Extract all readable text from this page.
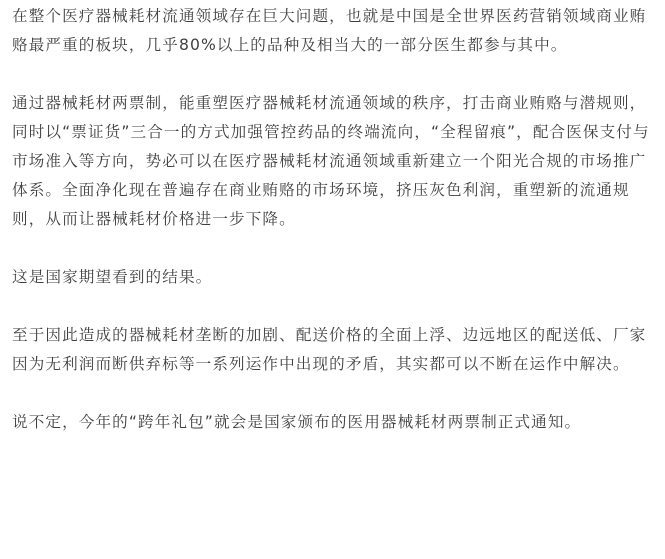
在整个医疗器械耗材流通领域存在巨大问题，也就是中国是全世界医药营销领域商业贿赂最严重的板块，几乎80%以上的品种及相当大的一部分医生都参与其中。

通过器械耗材两票制，能重塑医疗器械耗材流通领域的秩序，打击商业贿赂与潜规则，同时以“票证货”三合一的方式加强管控药品的终端流向，“全程留痕”，配合医保支付与市场准入等方向，势必可以在医疗器械耗材流通领域重新建立一个阳光合规的市场推广体系。全面净化现在普遍存在商业贿赂的市场环境，挤压灰色利润，重塑新的流通规则，从而让器械耗材价格进一步下降。

这是国家期望看到的结果。

至于因此造成的器械耗材垄断的加剧、配送价格的全面上浮、边远地区的配送低、厂家因为无利润而断供弃标等一系列运作中出现的矛盾，其实都可以不断在运作中解决。

说不定，今年的“跨年礼包”就会是国家颁布的医用器械耗材两票制正式通知。
